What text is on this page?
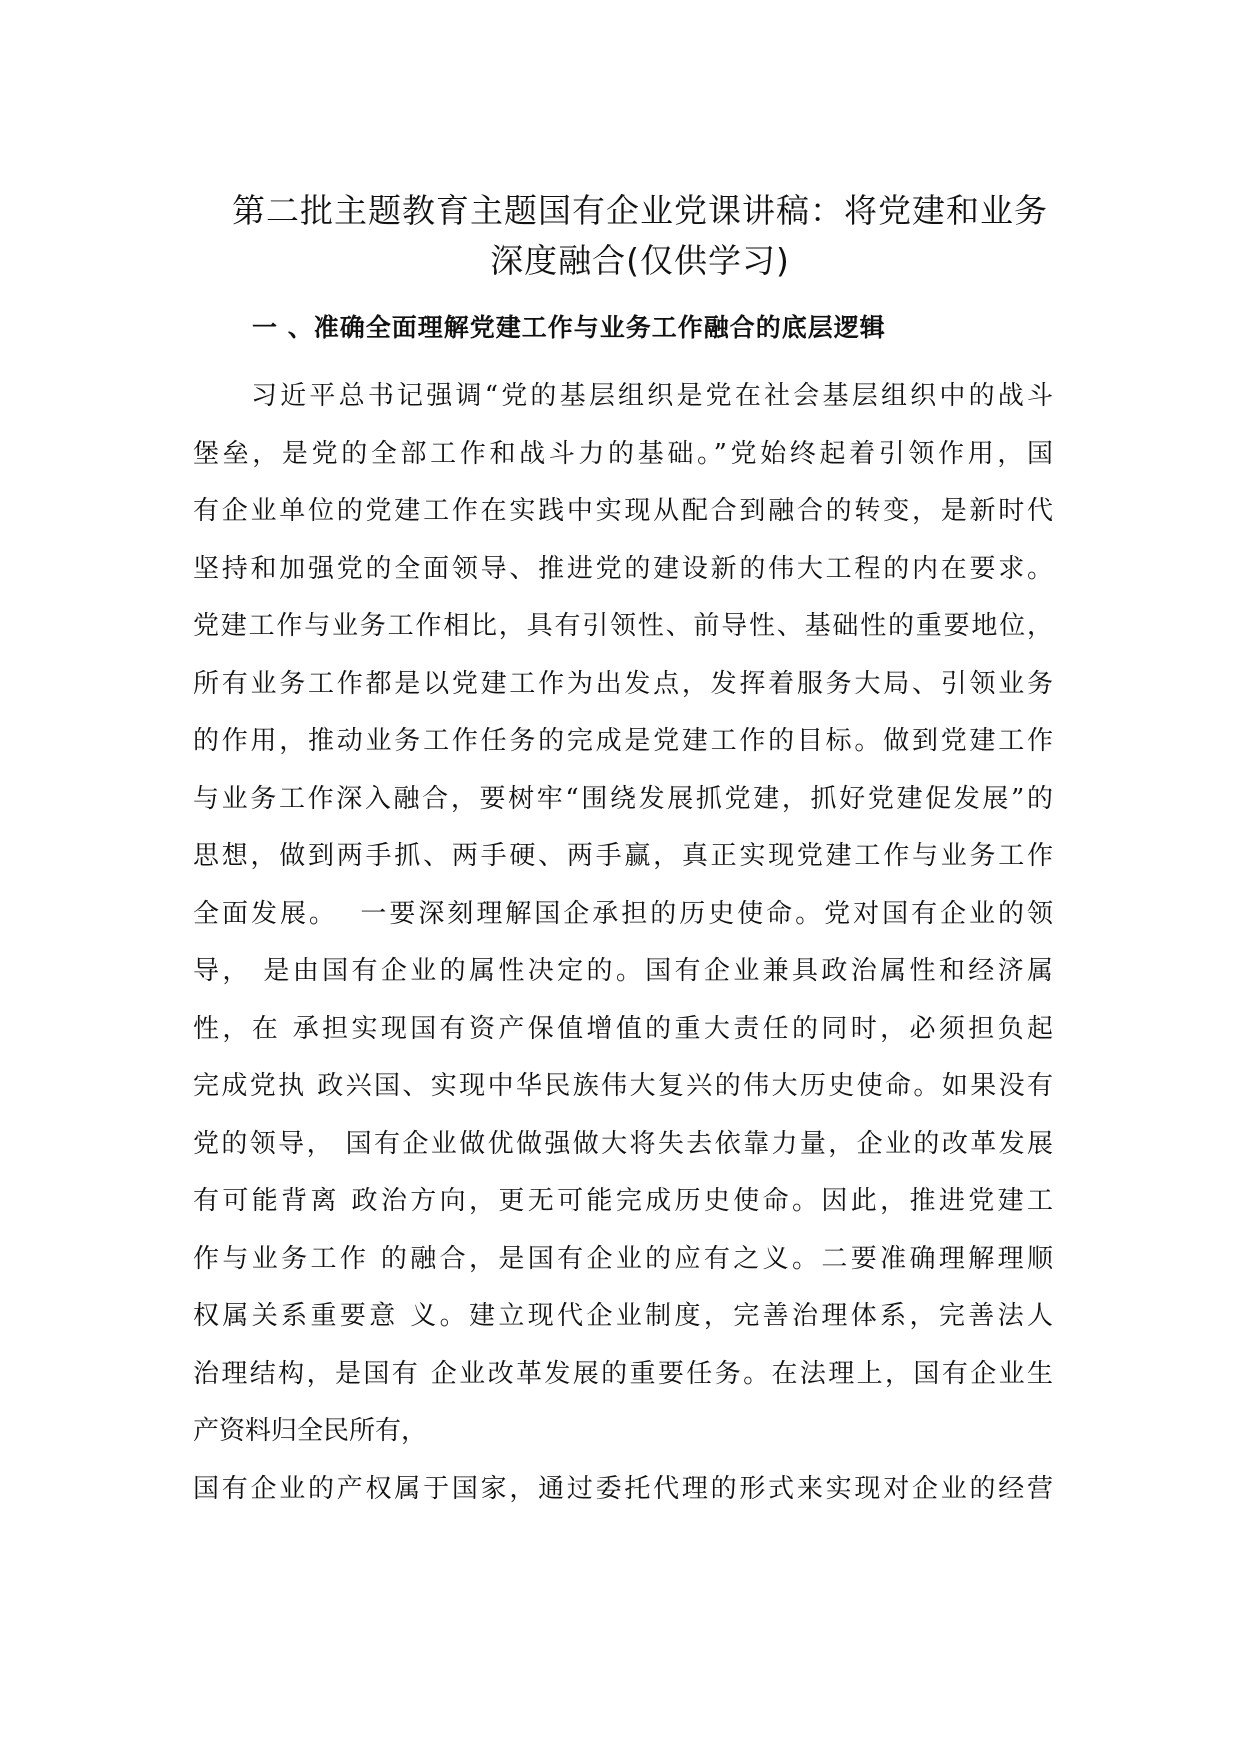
第二批主题教育主题国有企业党课讲稿：将党建和业务
深度融合(仅供学习)
一 、准确全面理解党建工作与业务工作融合的底层逻辑
习近平总书记强调“党的基层组织是党在社会基层组织中的战斗
堡垒，是党的全部工作和战斗力的基础。”党始终起着引领作用，国
有企业单位的党建工作在实践中实现从配合到融合的转变，是新时代
坚持和加强党的全面领导、推进党的建设新的伟大工程的内在要求。
党建工作与业务工作相比，具有引领性、前导性、基础性的重要地位，
所有业务工作都是以党建工作为出发点，发挥着服务大局、引领业务
的作用，推动业务工作任务的完成是党建工作的目标。做到党建工作
与业务工作深入融合，要树牢“围绕发展抓党建，抓好党建促发展”的
思想，做到两手抓、两手硬、两手赢，真正实现党建工作与业务工作
全面发展。  一要深刻理解国企承担的历史使命。党对国有企业的领
导， 是由国有企业的属性决定的。国有企业兼具政治属性和经济属
性，在 承担实现国有资产保值增值的重大责任的同时，必须担负起
完成党执 政兴国、实现中华民族伟大复兴的伟大历史使命。如果没有
党的领导， 国有企业做优做强做大将失去依靠力量，企业的改革发展
有可能背离 政治方向，更无可能完成历史使命。因此，推进党建工
作与业务工作 的融合，是国有企业的应有之义。二要准确理解理顺
权属关系重要意 义。建立现代企业制度，完善治理体系，完善法人
治理结构，是国有 企业改革发展的重要任务。在法理上，国有企业生
产资料归全民所有，
国有企业的产权属于国家，通过委托代理的形式来实现对企业的经营
